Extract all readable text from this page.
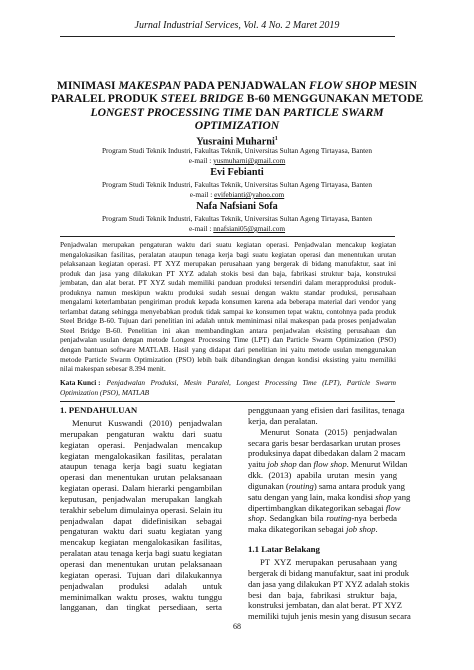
Jurnal Industrial Services, Vol. 4 No. 2 Maret 2019
MINIMASI MAKESPAN PADA PENJADWALAN FLOW SHOP MESIN
PARALEL PRODUK STEEL BRIDGE B-60 MENGGUNAKAN METODE
LONGEST PROCESSING TIME DAN PARTICLE SWARM
OPTIMIZATION
Yusraini Muharni$^1$
Program Studi Teknik Industri, Fakultas Teknik, Universitas Sultan Ageng Tirtayasa, Banten
e-mail : yusmuharni@gmail.com
Evi Febianti
Program Studi Teknik Industri, Fakultas Teknik, Universitas Sultan Ageng Tirtayasa, Banten
e-mail : evifebianti@yahoo.com
Nafa Nafsiani Sofa
Program Studi Teknik Industri, Fakultas Teknik, Universitas Sultan Ageng Tirtayasa, Banten
e-mail : nnafsiani05@gmail.com
Penjadwalan merupakan pengaturan waktu dari suatu kegiatan operasi. Penjadwalan mencakup kegiatan
mengalokasikan fasilitas, peralatan ataupun tenaga kerja bagi suatu kegiatan operasi dan menentukan urutan
pelaksanaan kegiatan operasi. PT XYZ merupakan perusahaan yang bergerak di bidang manufaktur, saat ini
produk dan jasa yang dilakukan PT XYZ adalah stokis besi dan baja, fabrikasi struktur baja, konstruksi
jembatan, dan alat berat. PT XYZ sudah memiliki panduan produksi tersendiri dalam merapproduksi produk-
produknya namun meskipun waktu produksi sudah sesuai dengan waktu standar produksi, perusahaan
mengalami keterlambatan pengiriman produk kepada konsumen karena ada beberapa material dari vendor yang
terlambat datang sehingga menyebabkan produk tidak sampai ke konsumen tepat waktu, contohnya pada produk
Steel Bridge B-60. Tujuan dari penelitian ini adalah untuk meminimasi nilai makespan pada proses penjadwalan
Steel Bridge B-60. Penelitian ini akan membandingkan antara penjadwalan eksisting perusahaan dan
penjadwalan usulan dengan metode Longest Processing Time (LPT) dan Particle Swarm Optimization (PSO)
dengan bantuan software MATLAB. Hasil yang didapat dari penelitian ini yaitu metode usulan menggunakan
metode Particle Swarm Optimization (PSO) lebih baik dibandingkan dengan kondisi eksisting yaitu memiliki
nilai makespan sebesar 8.394 menit.
Kata Kunci : Penjadwalan Produksi, Mesin Paralel, Longest Processing Time (LPT), Particle Swarm
Optimization (PSO), MATLAB
1. PENDAHULUAN
Menurut Kuswandi (2010) penjadwalan
merupakan pengaturan waktu dari suatu
kegiatan operasi. Penjadwalan mencakup
kegiatan mengalokasikan fasilitas, peralatan
ataupun tenaga kerja bagi suatu kegiatan
operasi dan menentukan urutan pelaksanaan
kegiatan operasi. Dalam hierarki pengambilan
keputusan, penjadwalan merupakan langkah
terakhir sebelum dimulainya operasi. Selain itu
penjadwalan dapat didefinisikan sebagai
pengaturan waktu dari suatu kegiatan yang
mencakup kegiatan mengalokasikan fasilitas,
peralatan atau tenaga kerja bagi suatu kegiatan
operasi dan menentukan urutan pelaksanaan
kegiatan operasi. Tujuan dari dilakukannya
penjadwalan produksi adalah untuk
meminimalkan waktu proses, waktu tunggu
langganan, dan tingkat persediaan, serta
penggunaan yang efisien dari fasilitas, tenaga
kerja, dan peralatan.
Menurut Sonata (2015) penjadwalan
secara garis besar berdasarkan urutan proses
produksinya dapat dibedakan dalam 2 macam
yaitu job shop dan flow shop. Menurut Wildan
dkk. (2013) apabila urutan mesin yang
digunakan (routing) sama antara produk yang
satu dengan yang lain, maka kondisi shop yang
dipertimbangkan dikategorikan sebagai flow
shop. Sedangkan bila routing-nya berbeda
maka dikategorikan sebagai job shop.
1.1 Latar Belakang
PT XYZ merupakan perusahaan yang
bergerak di bidang manufaktur, saat ini produk
dan jasa yang dilakukan PT XYZ adalah stokis
besi dan baja, fabrikasi struktur baja,
konstruksi jembatan, dan alat berat. PT XYZ
memiliki tujuh jenis mesin yang disusun secara
68
